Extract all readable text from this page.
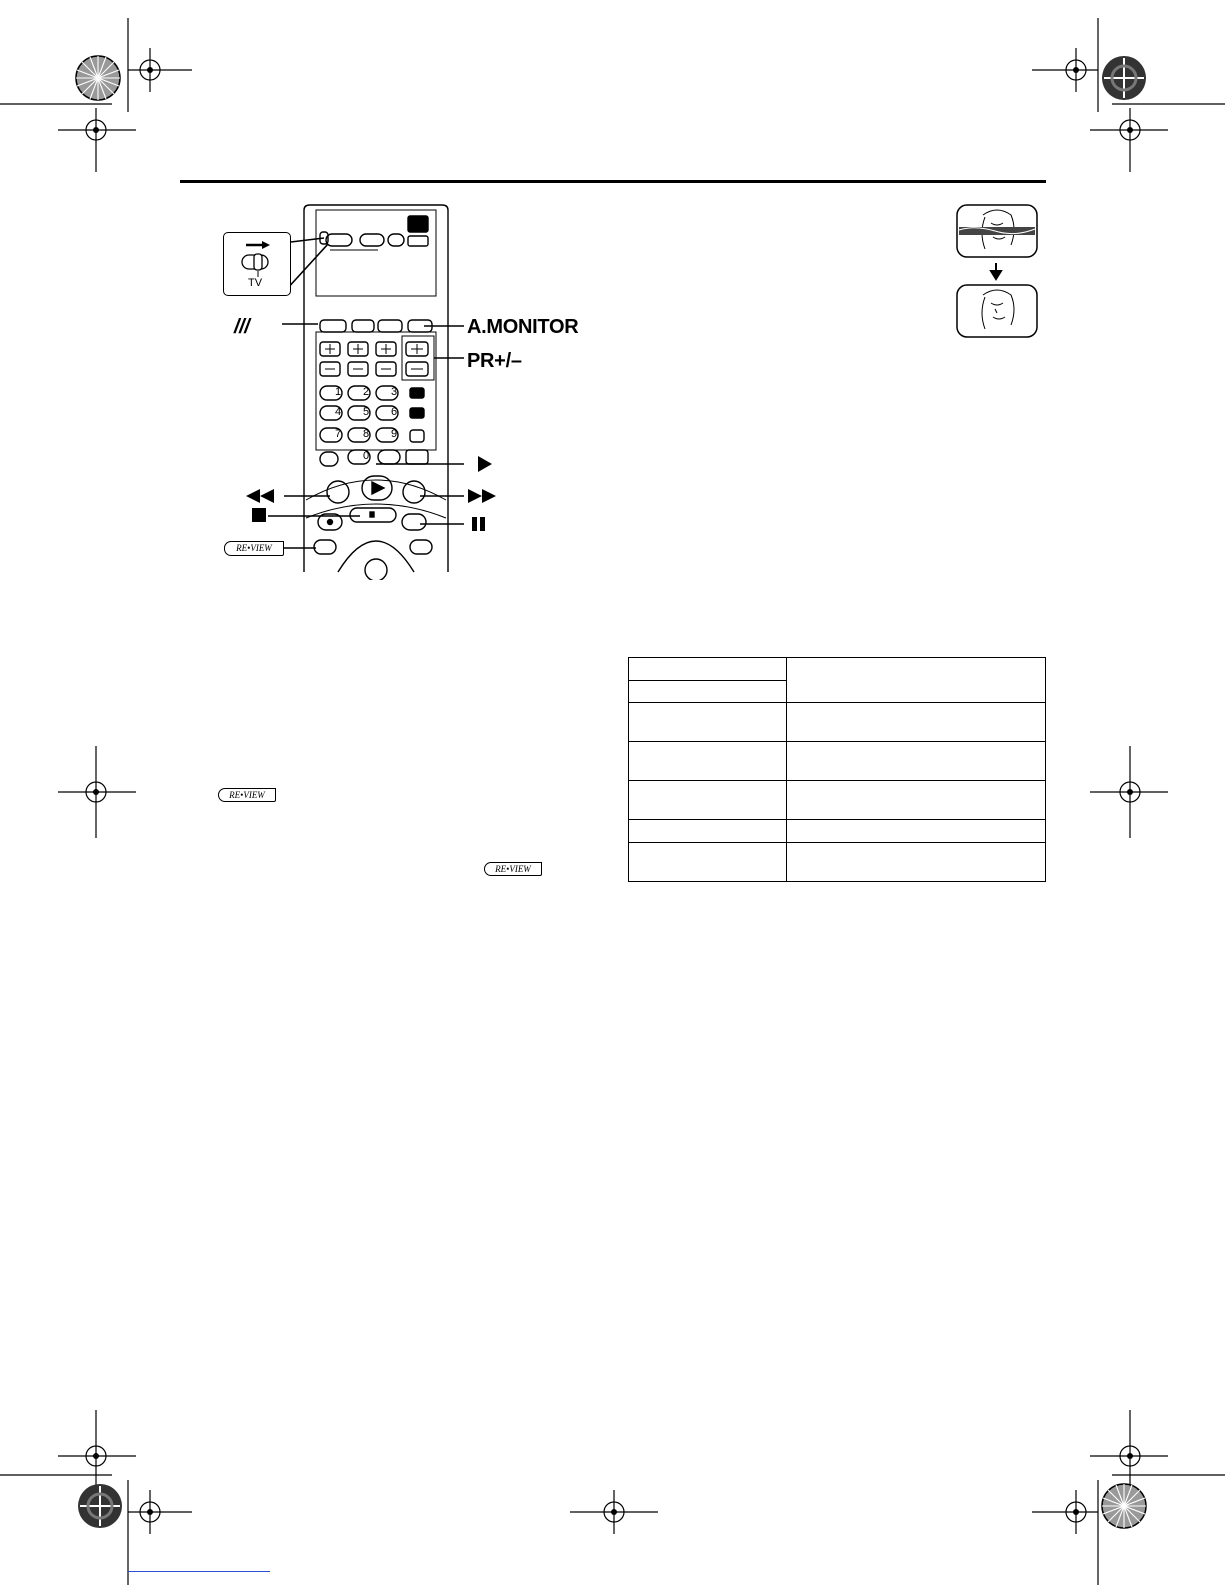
1	2	3
4	5	6
7	8	9
0
TV
/ / /	A.MONITOR
PR+/–
RE•VIEW
RE•VIEW
RE•VIEW
